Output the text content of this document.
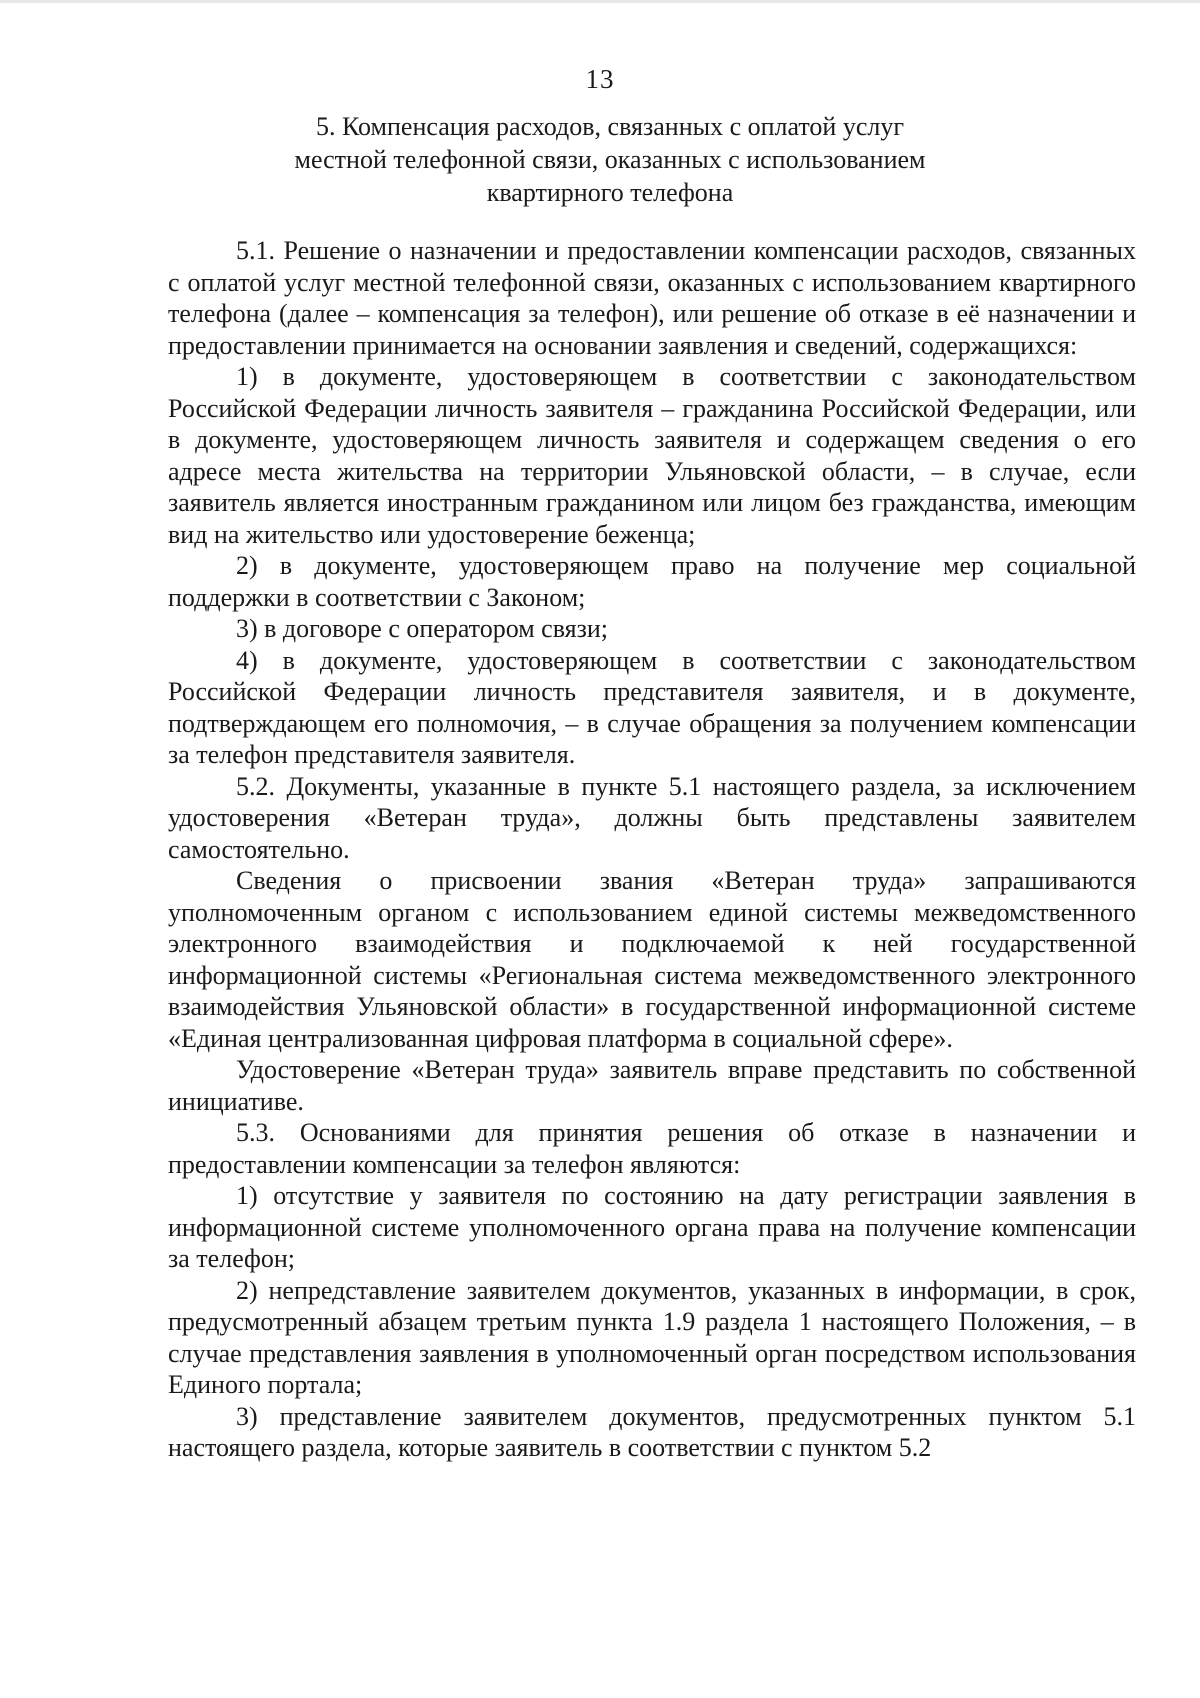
13
5. Компенсация расходов, связанных с оплатой услуг
местной телефонной связи, оказанных с использованием
квартирного телефона

5.1. Решение о назначении и предоставлении компенсации расходов, связанных с оплатой услуг местной телефонной связи, оказанных с использованием квартирного телефона (далее – компенсация за телефон), или решение об отказе в её назначении и предоставлении принимается на основании заявления и сведений, содержащихся:

1) в документе, удостоверяющем в соответствии с законодательством Российской Федерации личность заявителя – гражданина Российской Федерации, или в документе, удостоверяющем личность заявителя и содержащем сведения о его адресе места жительства на территории Ульяновской области, – в случае, если заявитель является иностранным гражданином или лицом без гражданства, имеющим вид на жительство или удостоверение беженца;

2) в документе, удостоверяющем право на получение мер социальной поддержки в соответствии с Законом;

3) в договоре с оператором связи;

4) в документе, удостоверяющем в соответствии с законодательством Российской Федерации личность представителя заявителя, и в документе, подтверждающем его полномочия, – в случае обращения за получением компенсации за телефон представителя заявителя.

5.2. Документы, указанные в пункте 5.1 настоящего раздела, за исключением удостоверения «Ветеран труда», должны быть представлены заявителем самостоятельно.

Сведения о присвоении звания «Ветеран труда» запрашиваются уполномоченным органом с использованием единой системы межведомственного электронного взаимодействия и подключаемой к ней государственной информационной системы «Региональная система межведомственного электронного взаимодействия Ульяновской области» в государственной информационной системе «Единая централизованная цифровая платформа в социальной сфере».

Удостоверение «Ветеран труда» заявитель вправе представить по собственной инициативе.

5.3. Основаниями для принятия решения об отказе в назначении и предоставлении компенсации за телефон являются:

1) отсутствие у заявителя по состоянию на дату регистрации заявления в информационной системе уполномоченного органа права на получение компенсации за телефон;

2) непредставление заявителем документов, указанных в информации, в срок, предусмотренный абзацем третьим пункта 1.9 раздела 1 настоящего Положения, – в случае представления заявления в уполномоченный орган посредством использования Единого портала;

3) представление заявителем документов, предусмотренных пунктом 5.1 настоящего раздела, которые заявитель в соответствии с пунктом 5.2
